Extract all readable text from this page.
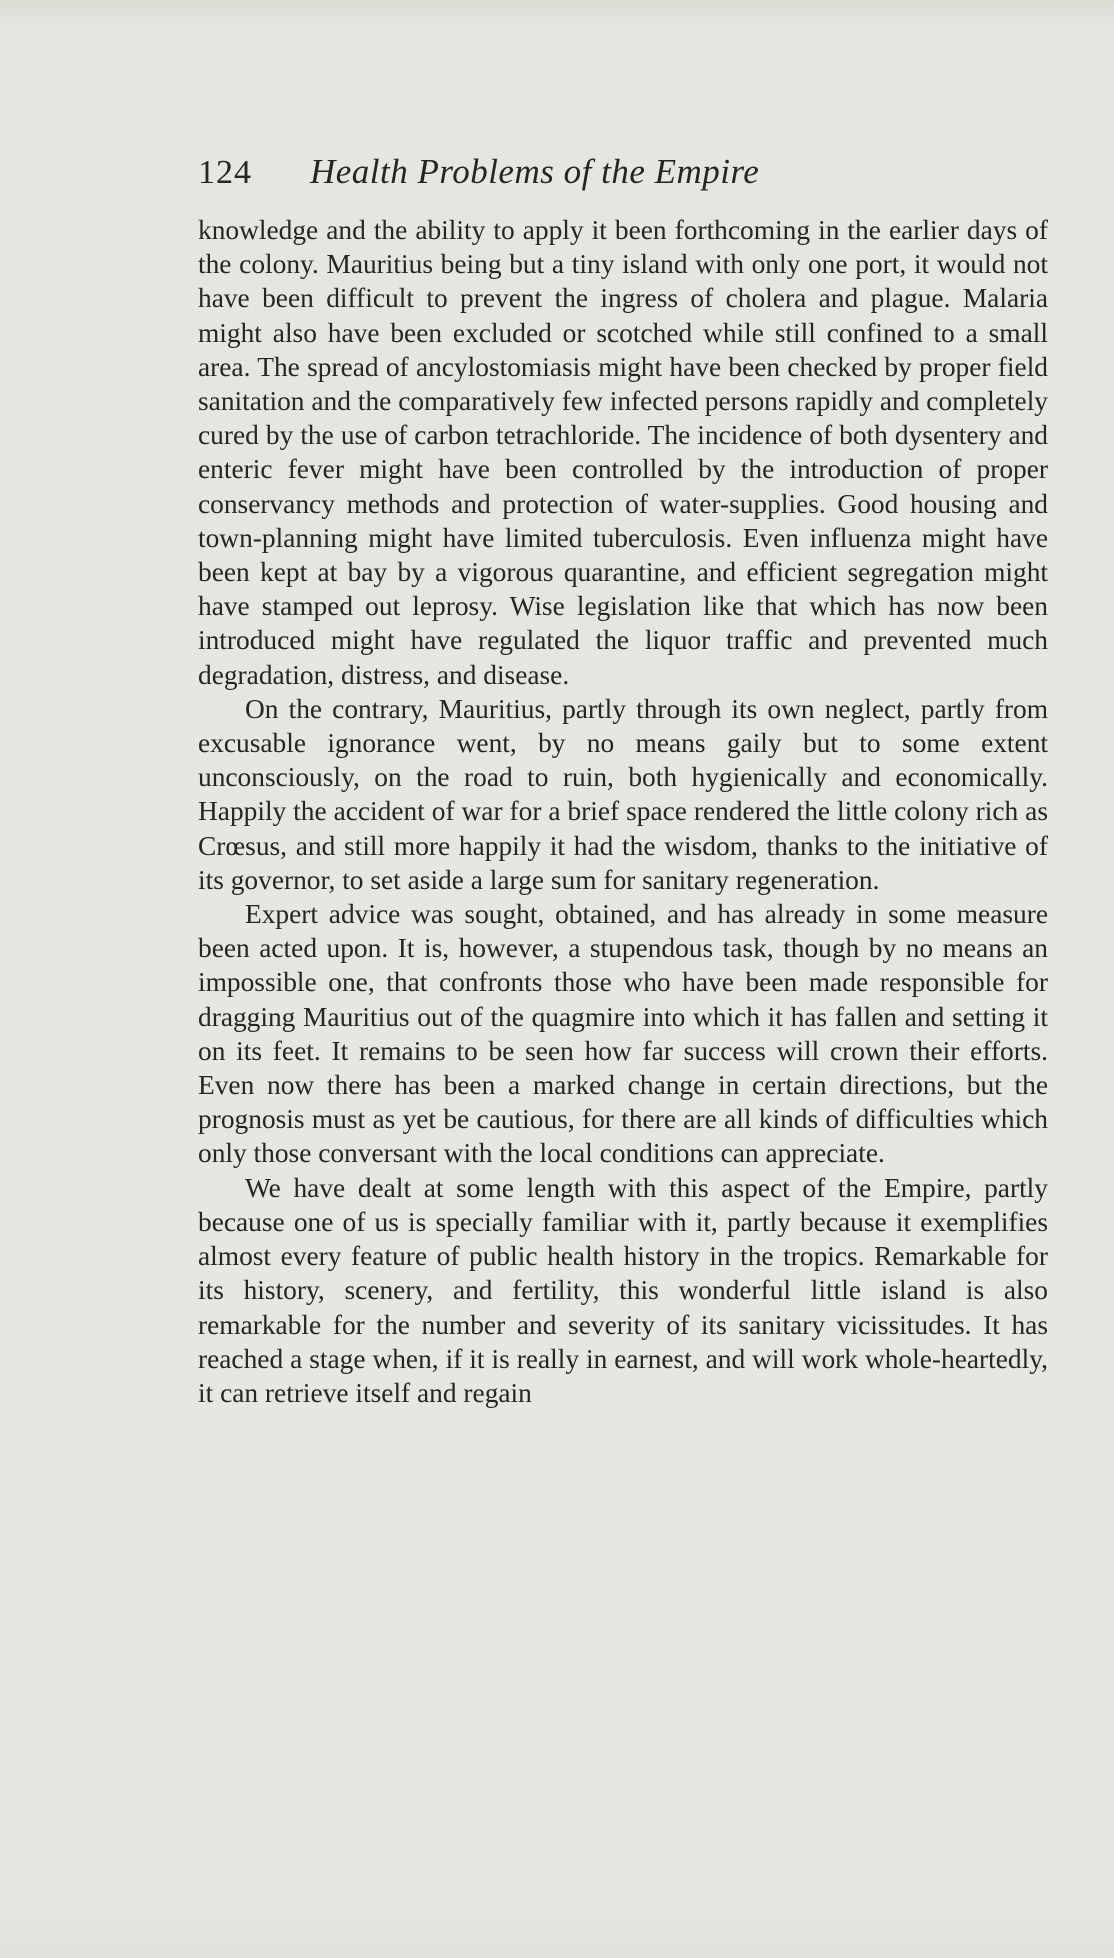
124 Health Problems of the Empire

knowledge and the ability to apply it been forthcoming in the earlier days of the colony. Mauritius being but a tiny island with only one port, it would not have been difficult to prevent the ingress of cholera and plague. Malaria might also have been excluded or scotched while still confined to a small area. The spread of ancylostomiasis might have been checked by proper field sanitation and the comparatively few infected persons rapidly and completely cured by the use of carbon tetrachloride. The incidence of both dysentery and enteric fever might have been controlled by the introduction of proper conservancy methods and protection of water-supplies. Good housing and town-planning might have limited tuberculosis. Even influenza might have been kept at bay by a vigorous quarantine, and efficient segregation might have stamped out leprosy. Wise legislation like that which has now been introduced might have regulated the liquor traffic and prevented much degradation, distress, and disease.

On the contrary, Mauritius, partly through its own neglect, partly from excusable ignorance went, by no means gaily but to some extent unconsciously, on the road to ruin, both hygienically and economically. Happily the accident of war for a brief space rendered the little colony rich as Crœsus, and still more happily it had the wisdom, thanks to the initiative of its governor, to set aside a large sum for sanitary regeneration.

Expert advice was sought, obtained, and has already in some measure been acted upon. It is, however, a stupendous task, though by no means an impossible one, that confronts those who have been made responsible for dragging Mauritius out of the quagmire into which it has fallen and setting it on its feet. It remains to be seen how far success will crown their efforts. Even now there has been a marked change in certain directions, but the prognosis must as yet be cautious, for there are all kinds of difficulties which only those conversant with the local conditions can appreciate.

We have dealt at some length with this aspect of the Empire, partly because one of us is specially familiar with it, partly because it exemplifies almost every feature of public health history in the tropics. Remarkable for its history, scenery, and fertility, this wonderful little island is also remarkable for the number and severity of its sanitary vicissitudes. It has reached a stage when, if it is really in earnest, and will work whole-heartedly, it can retrieve itself and regain
